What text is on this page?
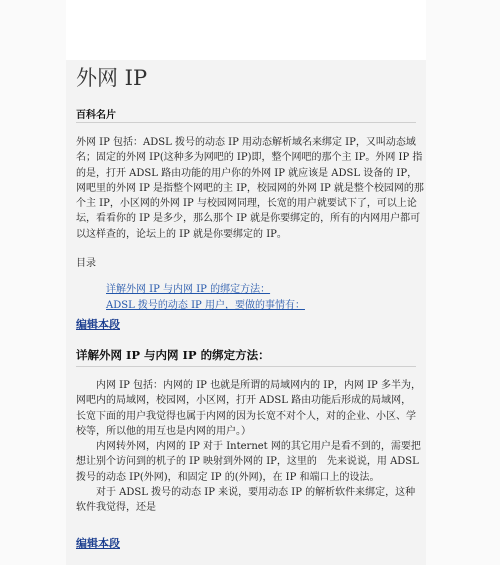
外网 IP
百科名片
外网 IP 包括：ADSL 拨号的动态 IP 用动态解析域名来绑定 IP，又叫动态域名；固定的外网 IP(这种多为网吧的 IP)即，整个网吧的那个主 IP。外网 IP 指的是，打开 ADSL 路由功能的用户你的外网 IP 就应该是 ADSL 设备的 IP，网吧里的外网 IP 是指整个网吧的主 IP，校园网的外网 IP 就是整个校园网的那个主 IP，小区网的外网 IP 与校园网同理，长宽的用户就要试下了，可以上论坛，看看你的 IP 是多少，那么那个 IP 就是你要绑定的，所有的内网用户都可以这样查的，论坛上的 IP 就是你要绑定的 IP。
目录
详解外网 IP 与内网 IP 的绑定方法：
ADSL 拨号的动态 IP 用户，要做的事情有：
编辑本段
详解外网 IP 与内网 IP 的绑定方法：

内网 IP 包括：内网的 IP 也就是所谓的局域网内的 IP，内网 IP 多半为，网吧内的局域网，校园网，小区网，打开 ADSL 路由功能后形成的局域网，长宽下面的用户我觉得也属于内网的因为长宽不对个人，对的企业、小区、学校等，所以他的用互也是内网的用户。）

内网转外网，内网的 IP 对于 Internet 网的其它用户是看不到的，需要把想让别个访问到的机子的 IP 映射到外网的 IP，这里的　先来说说，用 ADSL 拨号的动态 IP(外网)，和固定 IP 的(外网)，在 IP 和端口上的设法。

对于 ADSL 拨号的动态 IP 来说，要用动态 IP 的解析软件来绑定，这种软件我觉得，还是

编辑本段
